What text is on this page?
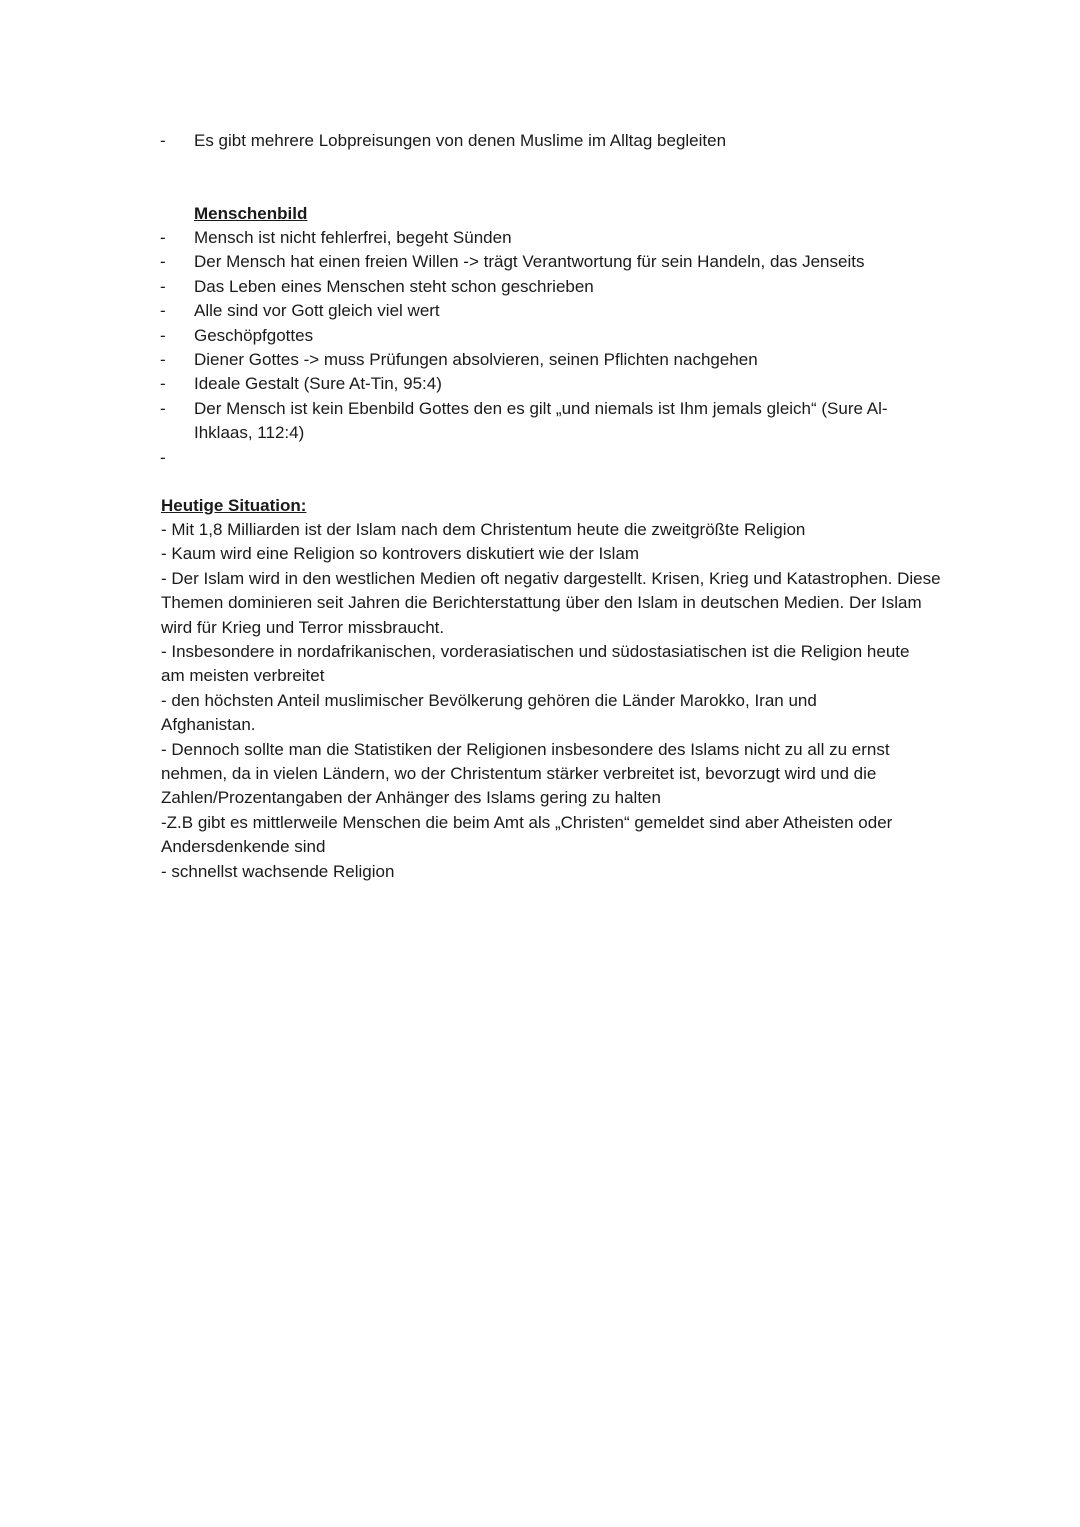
- Es gibt mehrere Lobpreisungen von denen Muslime im Alltag begleiten
Menschenbild
- Mensch ist nicht fehlerfrei, begeht Sünden
- Der Mensch hat einen freien Willen -> trägt Verantwortung für sein Handeln, das Jenseits
- Das Leben eines Menschen steht schon geschrieben
- Alle sind vor Gott gleich viel wert
- Geschöpfgottes
- Diener Gottes -> muss Prüfungen absolvieren, seinen Pflichten nachgehen
- Ideale Gestalt (Sure At-Tin, 95:4)
- Der Mensch ist kein Ebenbild Gottes den es gilt „und niemals ist Ihm jemals gleich“ (Sure Al-Ihklaas, 112:4)
-

Heutige Situation:
- Mit 1,8 Milliarden ist der Islam nach dem Christentum heute die zweitgrößte Religion
- Kaum wird eine Religion so kontrovers diskutiert wie der Islam
- Der Islam wird in den westlichen Medien oft negativ dargestellt. Krisen, Krieg und Katastrophen. Diese Themen dominieren seit Jahren die Berichterstattung über den Islam in deutschen Medien. Der Islam wird für Krieg und Terror missbraucht.
- Insbesondere in nordafrikanischen, vorderasiatischen und südostasiatischen ist die Religion heute am meisten verbreitet
- den höchsten Anteil muslimischer Bevölkerung gehören die Länder Marokko, Iran und Afghanistan.
- Dennoch sollte man die Statistiken der Religionen insbesondere des Islams nicht zu all zu ernst nehmen, da in vielen Ländern, wo der Christentum stärker verbreitet ist, bevorzugt wird und die Zahlen/Prozentangaben der Anhänger des Islams gering zu halten
-Z.B gibt es mittlerweile Menschen die beim Amt als „Christen“ gemeldet sind aber Atheisten oder Andersdenkende sind
- schnellst wachsende Religion
